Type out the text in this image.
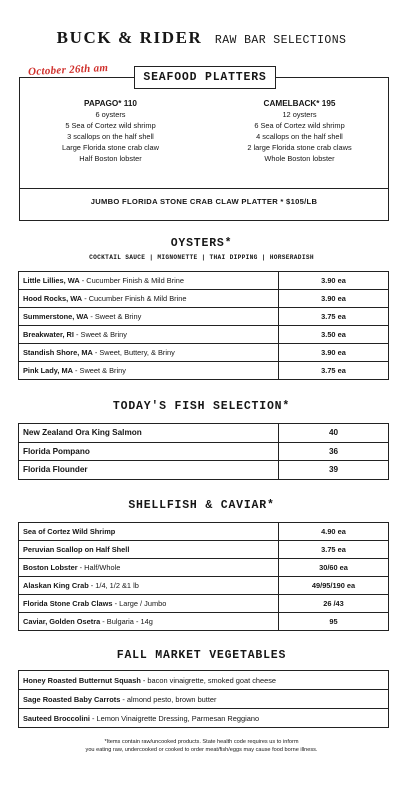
BUCK & RIDER RAW BAR SELECTIONS
October 26th am	SEAFOOD PLATTERS
PAPAGO* 110
6 oysters
5 Sea of Cortez wild shrimp
3 scallops on the half shell
Large Florida stone crab claw
Half Boston lobster
CAMELBACK* 195
12 oysters
6 Sea of Cortez wild shrimp
4 scallops on the half shell
2 large Florida stone crab claws
Whole Boston lobster
JUMBO FLORIDA STONE CRAB CLAW PLATTER * $105/LB
OYSTERS*
COCKTAIL SAUCE | MIGNONETTE | THAI DIPPING | HORSERADISH
Little Lillies, WA - Cucumber Finish & Mild Brine	3.90 ea
Hood Rocks, WA - Cucumber Finish & Mild Brine	3.90 ea
Summerstone, WA - Sweet & Briny	3.75 ea
Breakwater, RI - Sweet & Briny	3.50 ea
Standish Shore, MA - Sweet, Buttery, & Briny	3.90 ea
Pink Lady, MA - Sweet & Briny	3.75 ea
TODAY'S FISH SELECTION*
New Zealand Ora King Salmon	40
Florida Pompano	36
Florida Flounder	39
SHELLFISH & CAVIAR*
Sea of Cortez Wild Shrimp	4.90 ea
Peruvian Scallop on Half Shell	3.75 ea
Boston Lobster - Half/Whole	30/60 ea
Alaskan King Crab - 1/4, 1/2 &1 lb	49/95/190 ea
Florida Stone Crab Claws - Large / Jumbo	26 /43
Caviar, Golden Osetra - Bulgaria - 14g	95
FALL MARKET VEGETABLES
Honey Roasted Butternut Squash - bacon vinaigrette, smoked goat cheese
Sage Roasted Baby Carrots - almond pesto, brown butter
Sauteed Broccolini - Lemon Vinaigrette Dressing, Parmesan Reggiano
*Items contain raw/uncooked products. State health code requires us to inform
you eating raw, undercooked or cooked to order meat/fish/eggs may cause food borne illness.
